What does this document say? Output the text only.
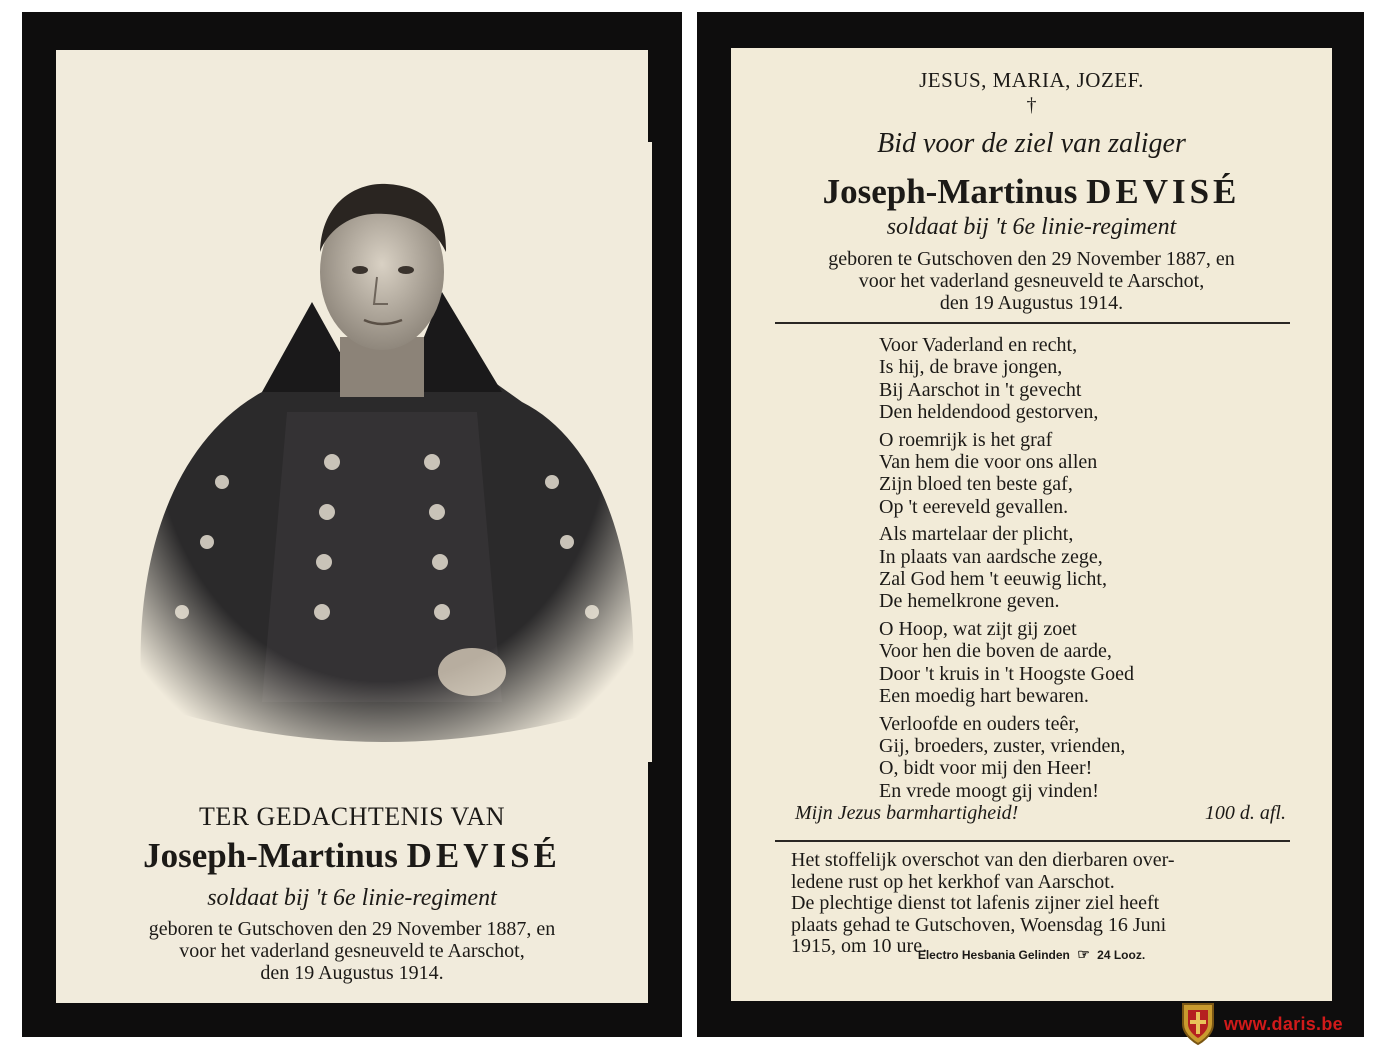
TER GEDACHTENIS VAN
Joseph-Martinus DEVISÉ
soldaat bij 't 6e linie-regiment
geboren te Gutschoven den 29 November 1887, en
voor het vaderland gesneuveld te Aarschot,
den 19 Augustus 1914.
JESUS, MARIA, JOZEF.
†
Bid voor de ziel van zaliger
Joseph-Martinus DEVISÉ
soldaat bij 't 6e linie-regiment
geboren te Gutschoven den 29 November 1887, en
voor het vaderland gesneuveld te Aarschot,
den 19 Augustus 1914.
Voor Vaderland en recht,
Is hij, de brave jongen,
Bij Aarschot in 't gevecht
Den heldendood gestorven,
O roemrijk is het graf
Van hem die voor ons allen
Zijn bloed ten beste gaf,
Op 't eereveld gevallen.
Als martelaar der plicht,
In plaats van aardsche zege,
Zal God hem 't eeuwig licht,
De hemelkrone geven.
O Hoop, wat zijt gij zoet
Voor hen die boven de aarde,
Door 't kruis in 't Hoogste Goed
Een moedig hart bewaren.
Verloofde en ouders teêr,
Gij, broeders, zuster, vrienden,
O, bidt voor mij den Heer!
En vrede moogt gij vinden!
Mijn Jezus barmhartigheid!	100 d. afl.
Het stoffelijk overschot van den dierbaren over-
ledene rust op het kerkhof van Aarschot.
De plechtige dienst tot lafenis zijner ziel heeft
plaats gehad te Gutschoven, Woensdag 16 Juni
1915, om 10 ure.
Electro Hesbania Gelinden ☞ 24 Looz.
www.daris.be
